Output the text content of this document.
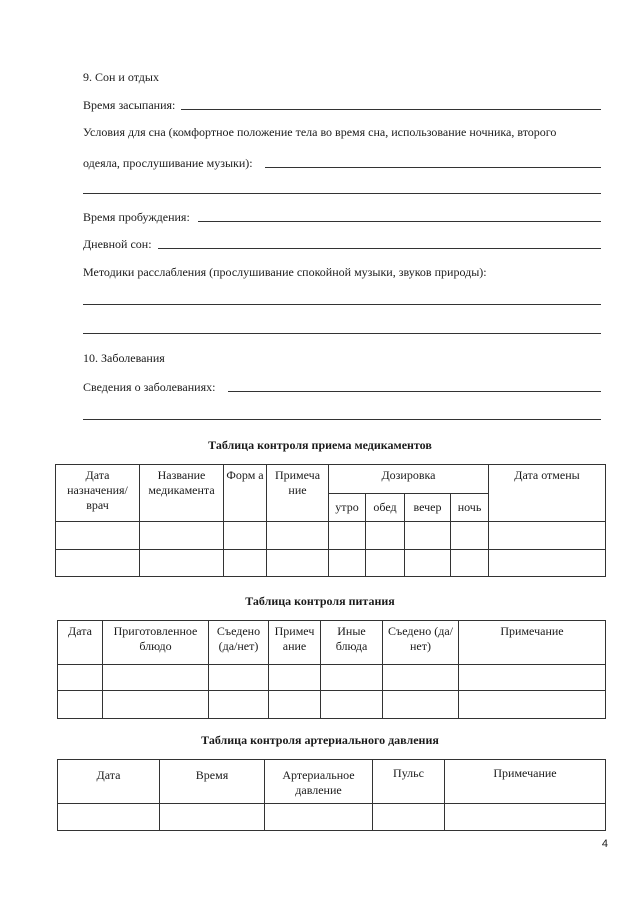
9. Сон и отдых
Время засыпания:
Условия для сна (комфортное положение тела во время сна, использование ночника, второго
одеяла, прослушивание музыки):
Время пробуждения:
Дневной сон:
Методики расслабления (прослушивание спокойной музыки, звуков природы):
10. Заболевания
Сведения о заболеваниях:
Таблица контроля приема медикаментов
Дата назначения/ врач	Название медикамента	Форм а	Примеча ние	Дозировка				Дата отмены
				утро	обед	вечер	ночь	

Таблица контроля питания
Дата	Приготовленное блюдо	Съедено (да/нет)	Примеч ание	Иные блюда	Съедено (да/нет)	Примечание

Таблица контроля артериального давления
Дата	Время	Артериальное давление	Пульс	Примечание

4
